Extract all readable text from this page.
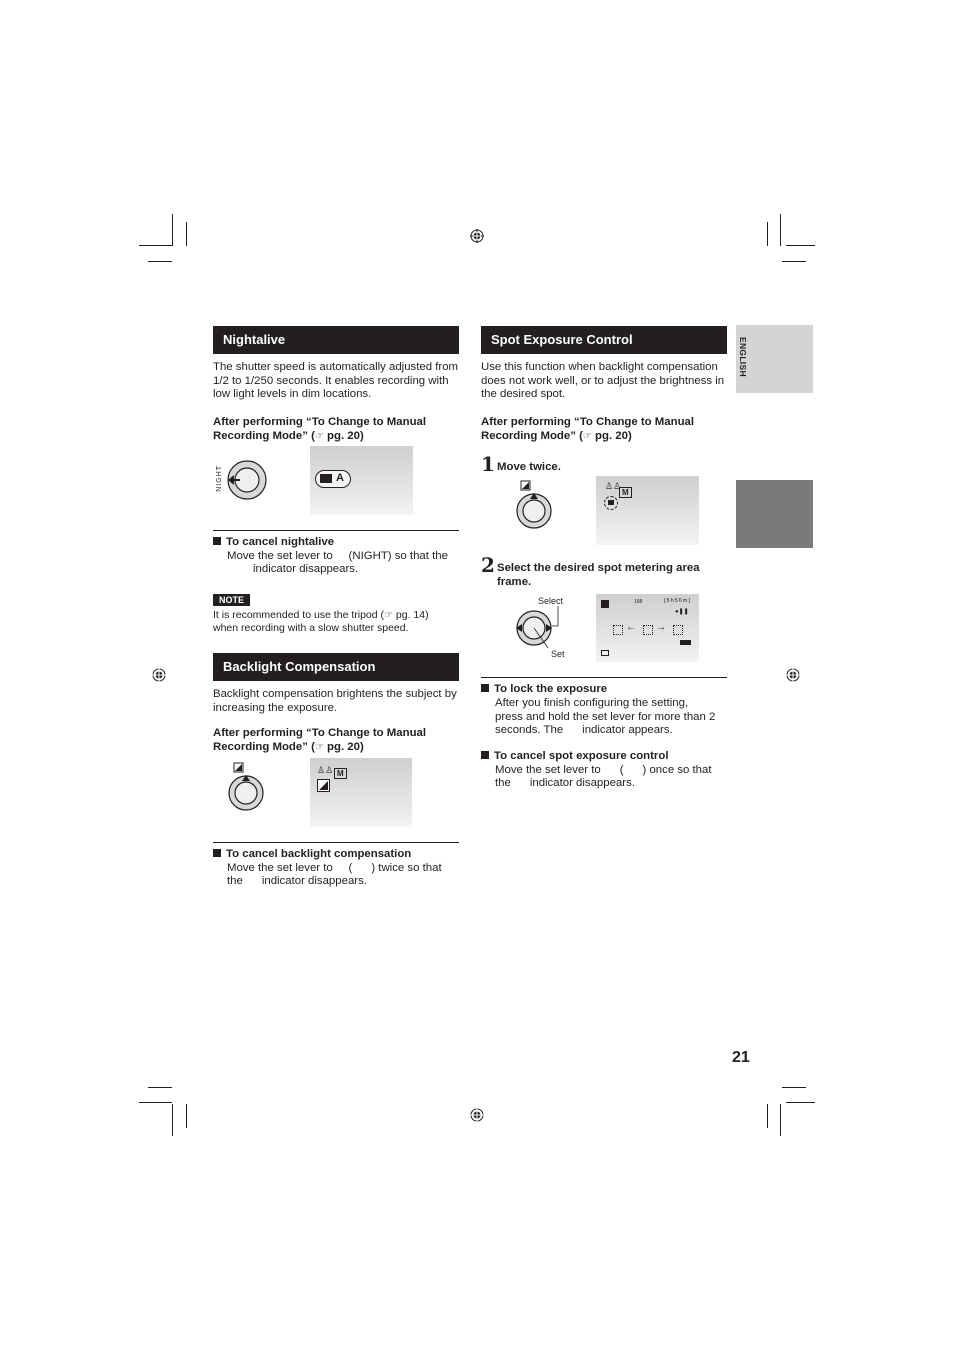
ENGLISH
Nightalive
The shutter speed is automatically adjusted from 1/2 to 1/250 seconds. It enables recording with low light levels in dim locations.
After performing “To Change to Manual Recording Mode” (☞ pg. 20)
NIGHT	A
To cancel nightalive
Move the set lever to     (NIGHT) so that the
indicator disappears.
NOTE
It is recommended to use the tripod (☞ pg. 14)
when recording with a slow shutter speed.
Backlight Compensation
Backlight compensation brightens the subject by increasing the exposure.
After performing “To Change to Manual Recording Mode” (☞ pg. 20)
♙♙ M
To cancel backlight compensation
Move the set lever to     (      ) twice so that
the      indicator disappears.
Spot Exposure Control
Use this function when backlight compensation does not work well, or to adjust the brightness in the desired spot.
After performing “To Change to Manual Recording Mode” (☞ pg. 20)
1 Move twice.
♙♙
M
2 Select the desired spot metering area frame.
Select
Set
168	[5h56m]
●❚❚
← →
To lock the exposure
After you finish configuring the setting,
press and hold the set lever for more than 2
seconds. The      indicator appears.
To cancel spot exposure control
Move the set lever to      (      ) once so that
the      indicator disappears.
21
